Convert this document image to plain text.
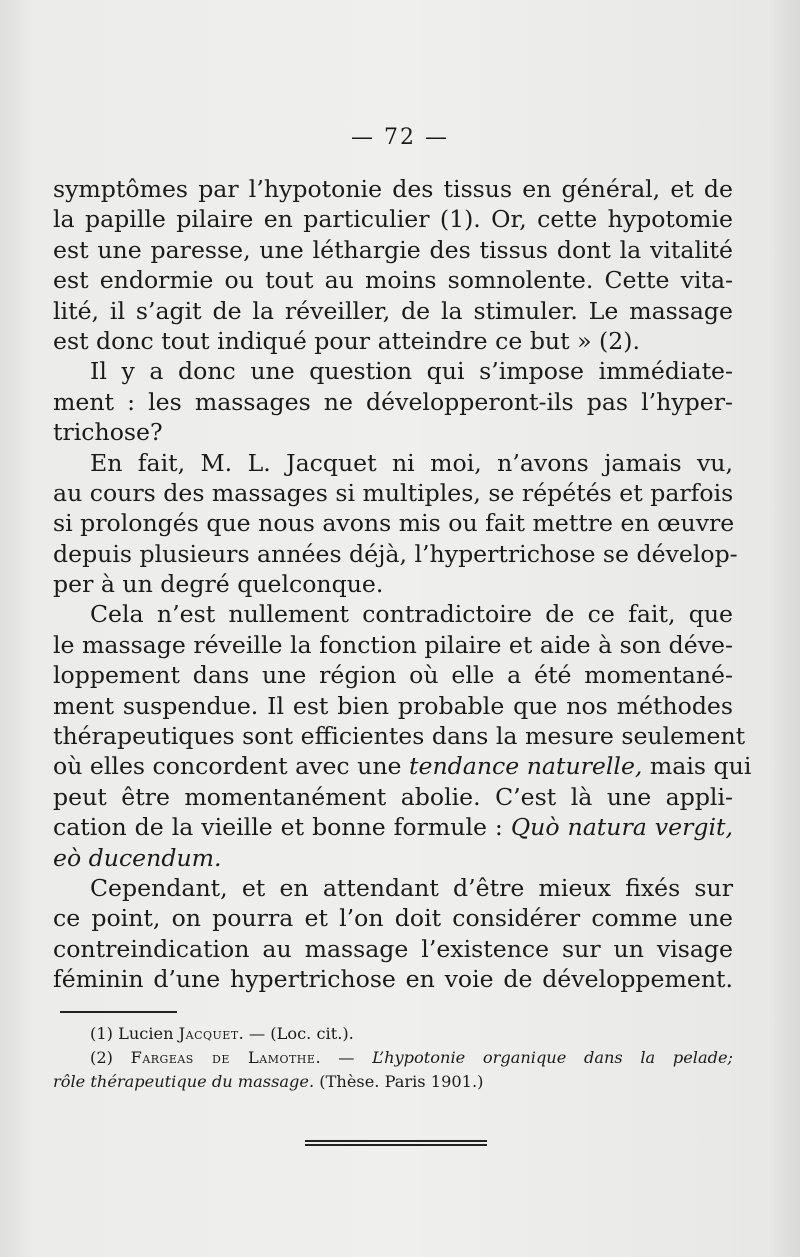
— 72 —
symptômes par l’hypotonie des tissus en général, et de
la papille pilaire en particulier (1). Or, cette hypotomie
est une paresse, une léthargie des tissus dont la vitalité
est endormie ou tout au moins somnolente. Cette vita-
lité, il s’agit de la réveiller, de la stimuler. Le massage
est donc tout indiqué pour atteindre ce but » (2).
Il y a donc une question qui s’impose immédiate-
ment : les massages ne développeront-ils pas l’hyper-
trichose?
En fait, M. L. Jacquet ni moi, n’avons jamais vu,
au cours des massages si multiples, se répétés et parfois
si prolongés que nous avons mis ou fait mettre en œuvre
depuis plusieurs années déjà, l’hypertrichose se dévelop-
per à un degré quelconque.
Cela n’est nullement contradictoire de ce fait, que
le massage réveille la fonction pilaire et aide à son déve-
loppement dans une région où elle a été momentané-
ment suspendue. Il est bien probable que nos méthodes
thérapeutiques sont efficientes dans la mesure seulement
où elles concordent avec une tendance naturelle, mais qui
peut être momentanément abolie. C’est là une appli-
cation de la vieille et bonne formule : Quò natura vergit,
eò ducendum.
Cependant, et en attendant d’être mieux fixés sur
ce point, on pourra et l’on doit considérer comme une
contreindication au massage l’existence sur un visage
féminin d’une hypertrichose en voie de développement.
(1) Lucien Jacquet. — (Loc. cit.).
(2) Fargeas de Lamothe. — L’hypotonie organique dans la pelade;
rôle thérapeutique du massage. (Thèse. Paris 1901.)
